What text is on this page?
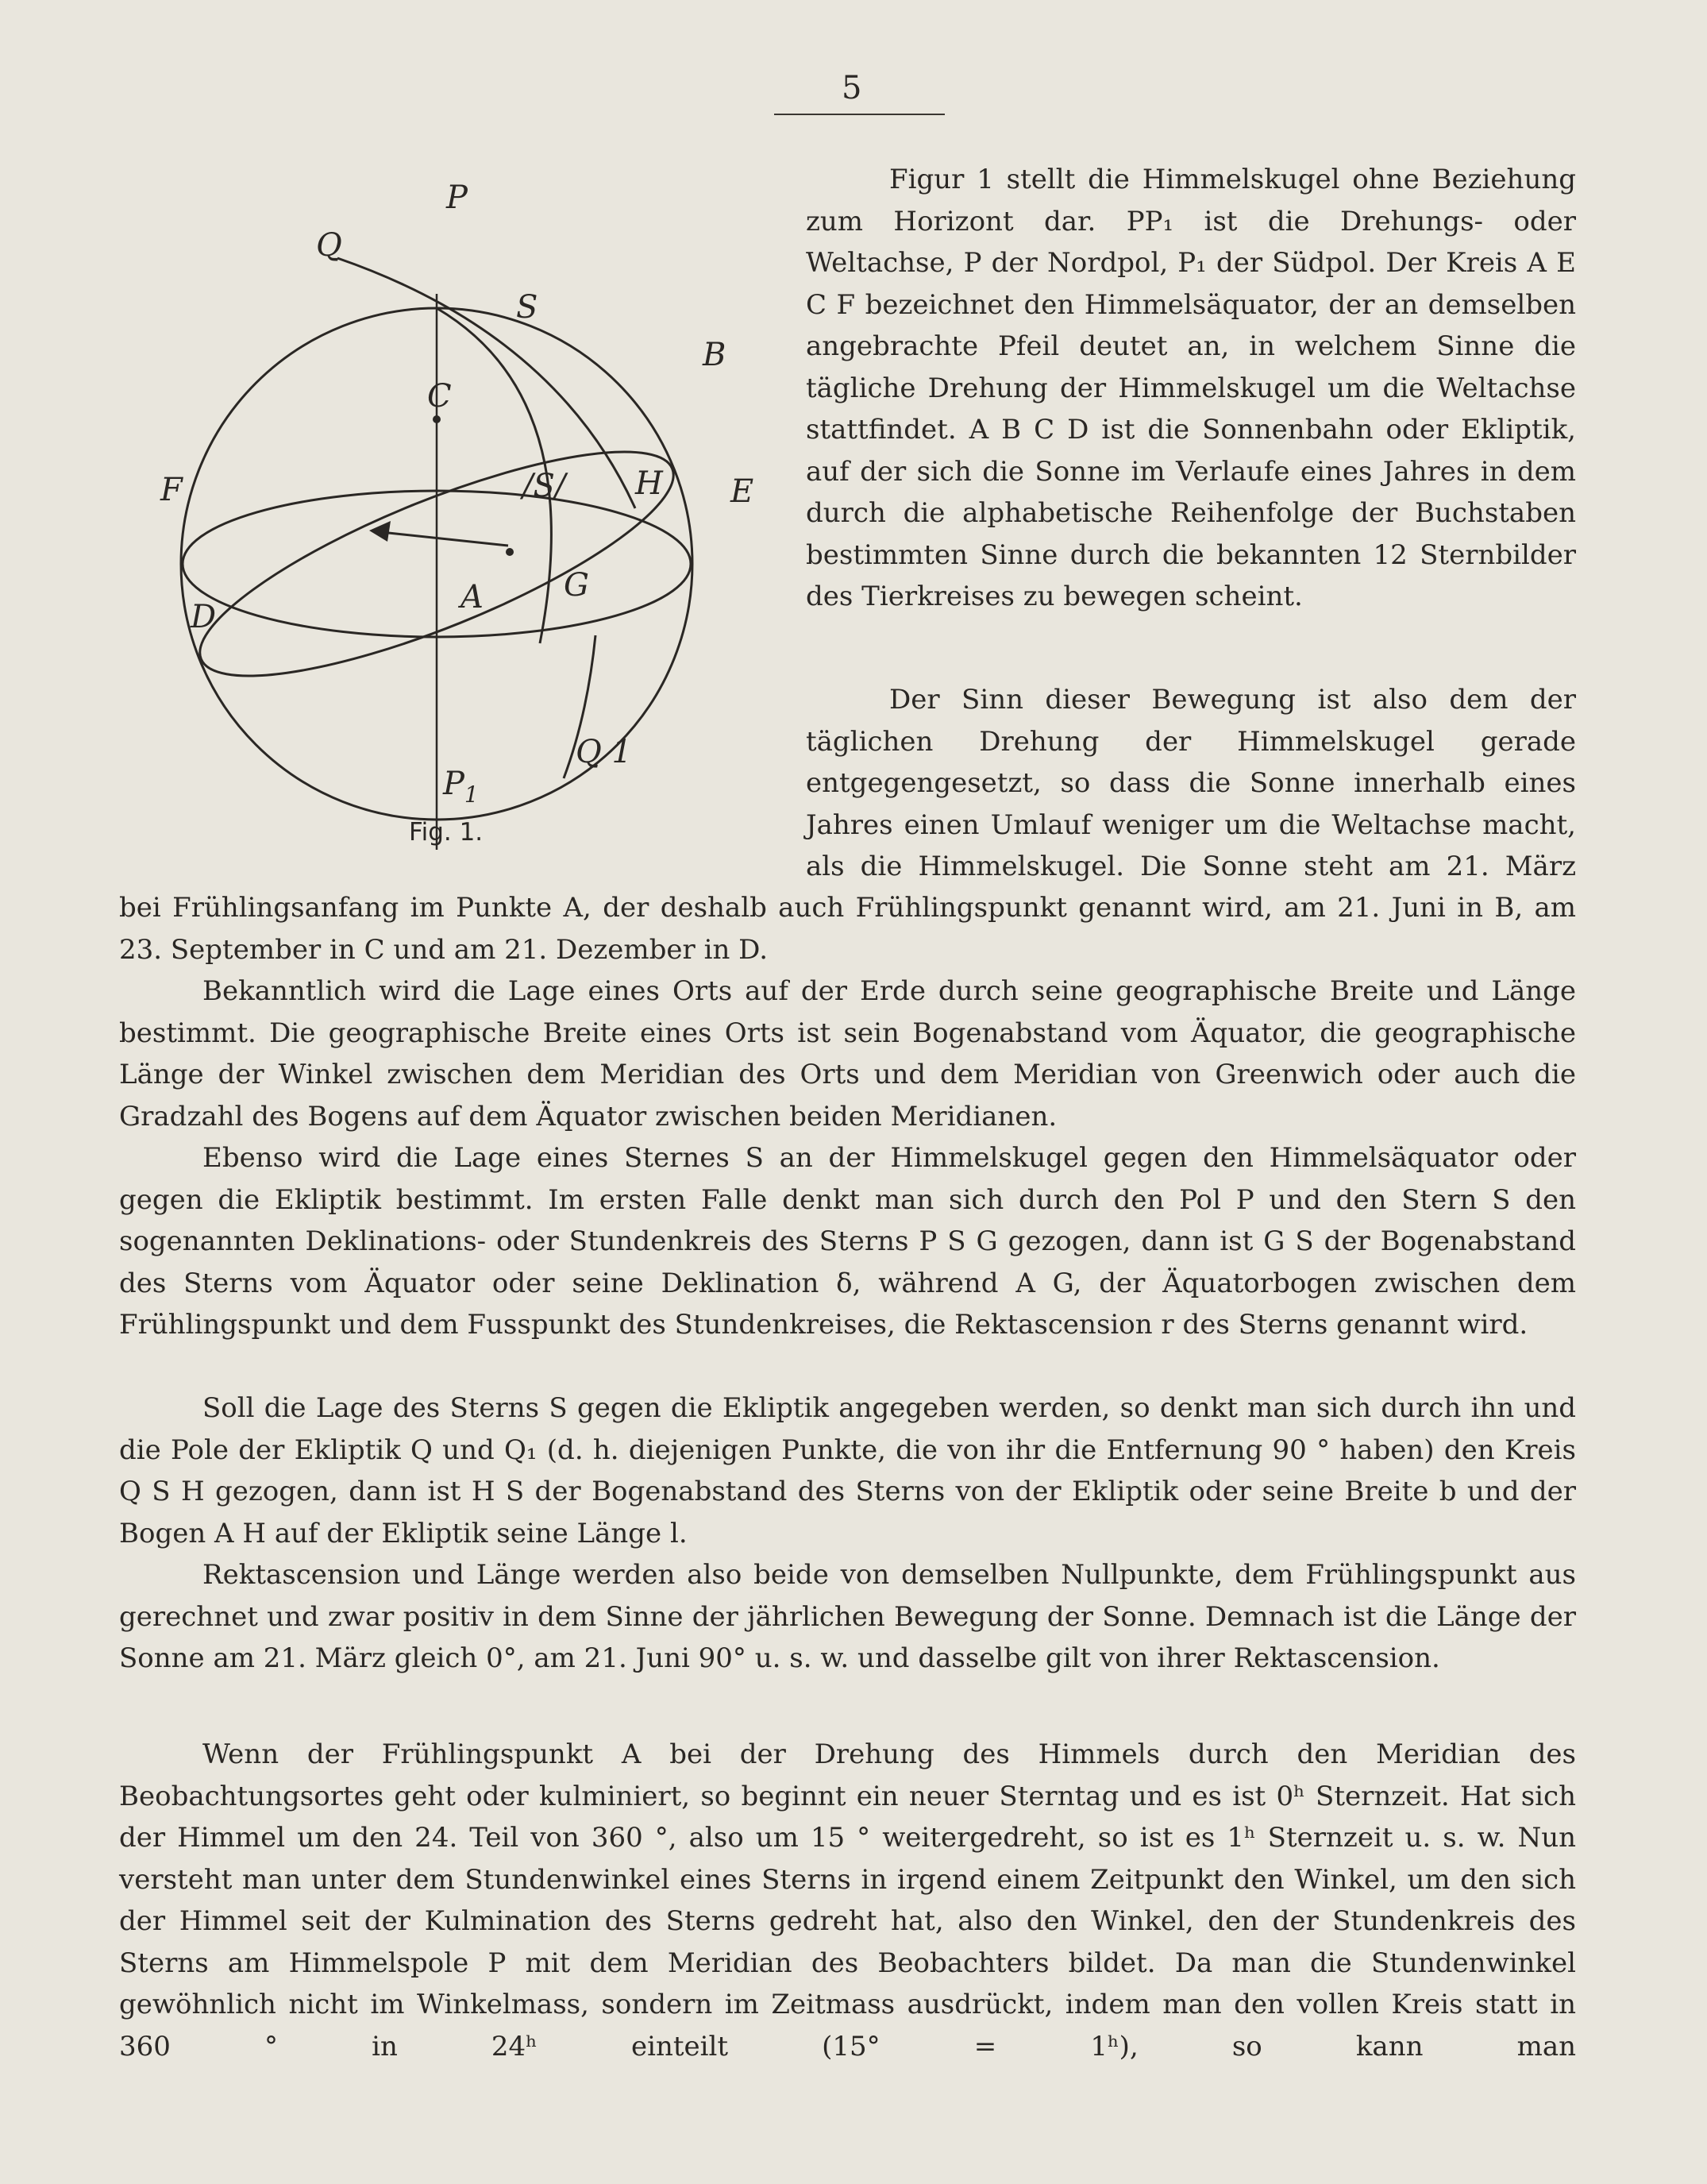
5
P
Q
S
B
C
F	/S/ H E
D
A	G
Q 1
$P_1$
Fig. 1.

Figur 1 stellt die Himmelskugel ohne Beziehung zum Horizont dar. PP₁ ist die Drehungs- oder Weltachse, P der Nordpol, P₁ der Südpol. Der Kreis A E C F bezeichnet den Himmelsäquator, der an demselben angebrachte Pfeil deutet an, in welchem Sinne die tägliche Drehung der Himmelskugel um die Weltachse stattfindet. A B C D ist die Sonnenbahn oder Ekliptik, auf der sich die Sonne im Verlaufe eines Jahres in dem durch die alphabetische Reihenfolge der Buchstaben bestimmten Sinne durch die bekannten 12 Sternbilder des Tierkreises zu bewegen scheint.

Der Sinn dieser Bewegung ist also dem der täglichen Drehung der Himmelskugel gerade entgegengesetzt, so dass die Sonne innerhalb eines Jahres einen Umlauf weniger um die Weltachse macht, als die Himmelskugel. Die Sonne steht am 21. März

bei Frühlingsanfang im Punkte A, der deshalb auch Frühlingspunkt genannt wird, am 21. Juni in B, am 23. September in C und am 21. Dezember in D.

Bekanntlich wird die Lage eines Orts auf der Erde durch seine geographische Breite und Länge bestimmt. Die geographische Breite eines Orts ist sein Bogenabstand vom Äquator, die geographische Länge der Winkel zwischen dem Meridian des Orts und dem Meridian von Greenwich oder auch die Gradzahl des Bogens auf dem Äquator zwischen beiden Meridianen.

Ebenso wird die Lage eines Sternes S an der Himmelskugel gegen den Himmelsäquator oder gegen die Ekliptik bestimmt. Im ersten Falle denkt man sich durch den Pol P und den Stern S den sogenannten Deklinations- oder Stundenkreis des Sterns P S G gezogen, dann ist G S der Bogenabstand des Sterns vom Äquator oder seine Deklination δ, während A G, der Äquatorbogen zwischen dem Frühlingspunkt und dem Fusspunkt des Stundenkreises, die Rektascension r des Sterns genannt wird.

Soll die Lage des Sterns S gegen die Ekliptik angegeben werden, so denkt man sich durch ihn und die Pole der Ekliptik Q und Q₁ (d. h. diejenigen Punkte, die von ihr die Entfernung 90 ° haben) den Kreis Q S H gezogen, dann ist H S der Bogenabstand des Sterns von der Ekliptik oder seine Breite b und der Bogen A H auf der Ekliptik seine Länge l.

Rektascension und Länge werden also beide von demselben Nullpunkte, dem Frühlingspunkt aus gerechnet und zwar positiv in dem Sinne der jährlichen Bewegung der Sonne. Demnach ist die Länge der Sonne am 21. März gleich 0°, am 21. Juni 90° u. s. w. und dasselbe gilt von ihrer Rektascension.

Wenn der Frühlingspunkt A bei der Drehung des Himmels durch den Meridian des Beobachtungsortes geht oder kulminiert, so beginnt ein neuer Sterntag und es ist 0ʰ Sternzeit. Hat sich der Himmel um den 24. Teil von 360 °, also um 15 ° weitergedreht, so ist es 1ʰ Sternzeit u. s. w. Nun versteht man unter dem Stundenwinkel eines Sterns in irgend einem Zeitpunkt den Winkel, um den sich der Himmel seit der Kulmination des Sterns gedreht hat, also den Winkel, den der Stundenkreis des Sterns am Himmelspole P mit dem Meridian des Beobachters bildet. Da man die Stundenwinkel gewöhnlich nicht im Winkelmass, sondern im Zeitmass ausdrückt, indem man den vollen Kreis statt in 360 ° in 24ʰ einteilt (15° = 1ʰ), so kann man
